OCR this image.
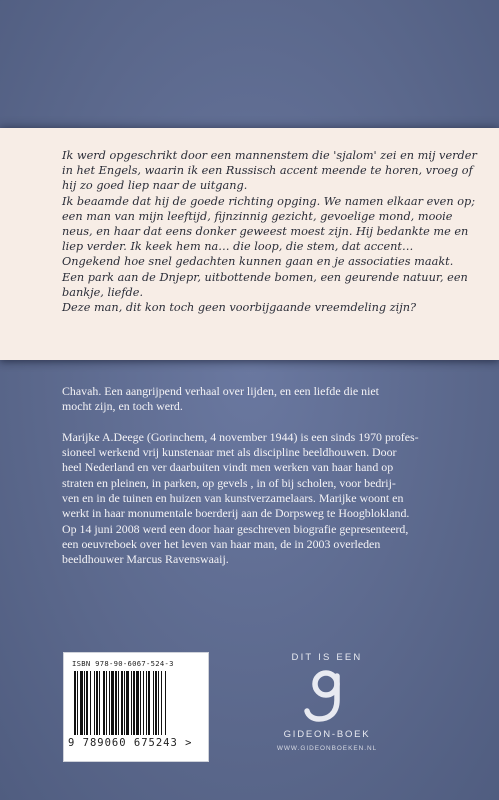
Ik werd opgeschrikt door een mannenstem die 'sjalom' zei en mij verder

in het Engels, waarin ik een Russisch accent meende te horen, vroeg of

hij zo goed liep naar de uitgang.

Ik beaamde dat hij de goede richting opging. We namen elkaar even op;

een man van mijn leeftijd, fijnzinnig gezicht, gevoelige mond, mooie

neus, en haar dat eens donker geweest moest zijn. Hij bedankte me en

liep verder. Ik keek hem na… die loop, die stem, dat accent…

Ongekend hoe snel gedachten kunnen gaan en je associaties maakt.

Een park aan de Dnjepr, uitbottende bomen, een geurende natuur, een

bankje, liefde.

Deze man, dit kon toch geen voorbijgaande vreemdeling zijn?

Chavah. Een aangrijpend verhaal over lijden, en een liefde die niet

mocht zijn, en toch werd.

Marijke A.Deege (Gorinchem, 4 november 1944) is een sinds 1970 profes-

sioneel werkend vrij kunstenaar met als discipline beeldhouwen. Door

heel Nederland en ver daarbuiten vindt men werken van haar hand op

straten en pleinen, in parken, op gevels , in of bij scholen, voor bedrij-

ven en in de tuinen en huizen van kunstverzamelaars. Marijke woont en

werkt in haar monumentale boerderij aan de Dorpsweg te Hoogblokland.

Op 14 juni 2008 werd een door haar geschreven biografie gepresenteerd,

een oeuvreboek over het leven van haar man, de in 2003 overleden

beeldhouwer Marcus Ravenswaaij.

ISBN 978-90-6067-524-3
9 789060 675243 >
DIT IS EEN
GIDEON-BOEK
WWW.GIDEONBOEKEN.NL
